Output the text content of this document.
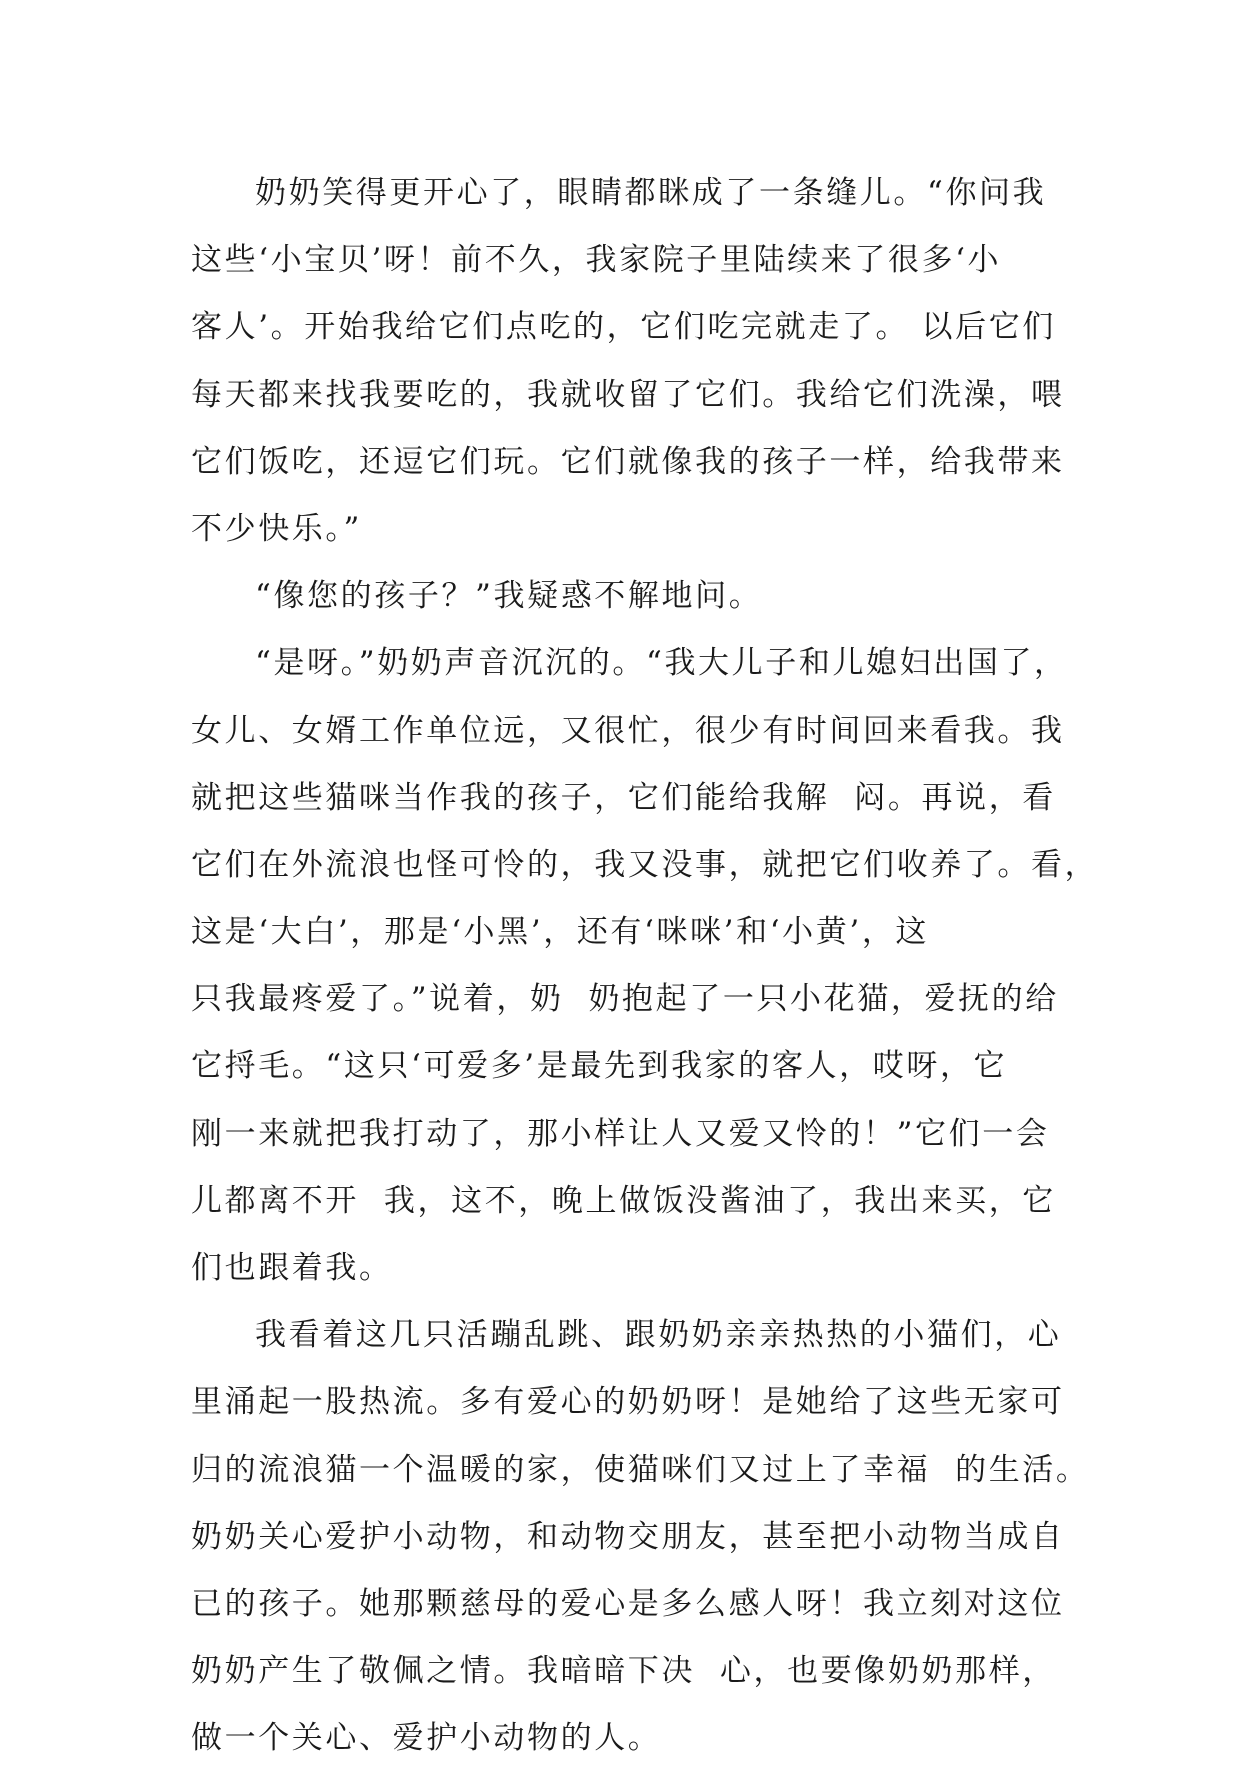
奶奶笑得更开心了，眼睛都眯成了一条缝儿。“你问我
这些‘小宝贝’呀！前不久，我家院子里陆续来了很多‘小
客人’。开始我给它们点吃的，它们吃完就走了。 以后它们
每天都来找我要吃的，我就收留了它们。我给它们洗澡，喂
它们饭吃，还逗它们玩。它们就像我的孩子一样，给我带来
不少快乐。”
“像您的孩子？”我疑惑不解地问。
“是呀。”奶奶声音沉沉的。“我大儿子和儿媳妇出国了，
女儿、女婿工作单位远，又很忙，很少有时间回来看我。我
就把这些猫咪当作我的孩子，它们能给我解  闷。再说，看
它们在外流浪也怪可怜的，我又没事，就把它们收养了。看，
这是‘大白’，那是‘小黑’，还有‘咪咪’和‘小黄’，这
只我最疼爱了。”说着，奶  奶抱起了一只小花猫，爱抚的给
它捋毛。“这只‘可爱多’是最先到我家的客人，哎呀，它
刚一来就把我打动了，那小样让人又爱又怜的！”它们一会
儿都离不开  我，这不，晚上做饭没酱油了，我出来买，它
们也跟着我。
我看着这几只活蹦乱跳、跟奶奶亲亲热热的小猫们，心
里涌起一股热流。多有爱心的奶奶呀！是她给了这些无家可
归的流浪猫一个温暖的家，使猫咪们又过上了幸福  的生活。
奶奶关心爱护小动物，和动物交朋友，甚至把小动物当成自
已的孩子。她那颗慈母的爱心是多么感人呀！我立刻对这位
奶奶产生了敬佩之情。我暗暗下决  心，也要像奶奶那样，
做一个关心、爱护小动物的人。
